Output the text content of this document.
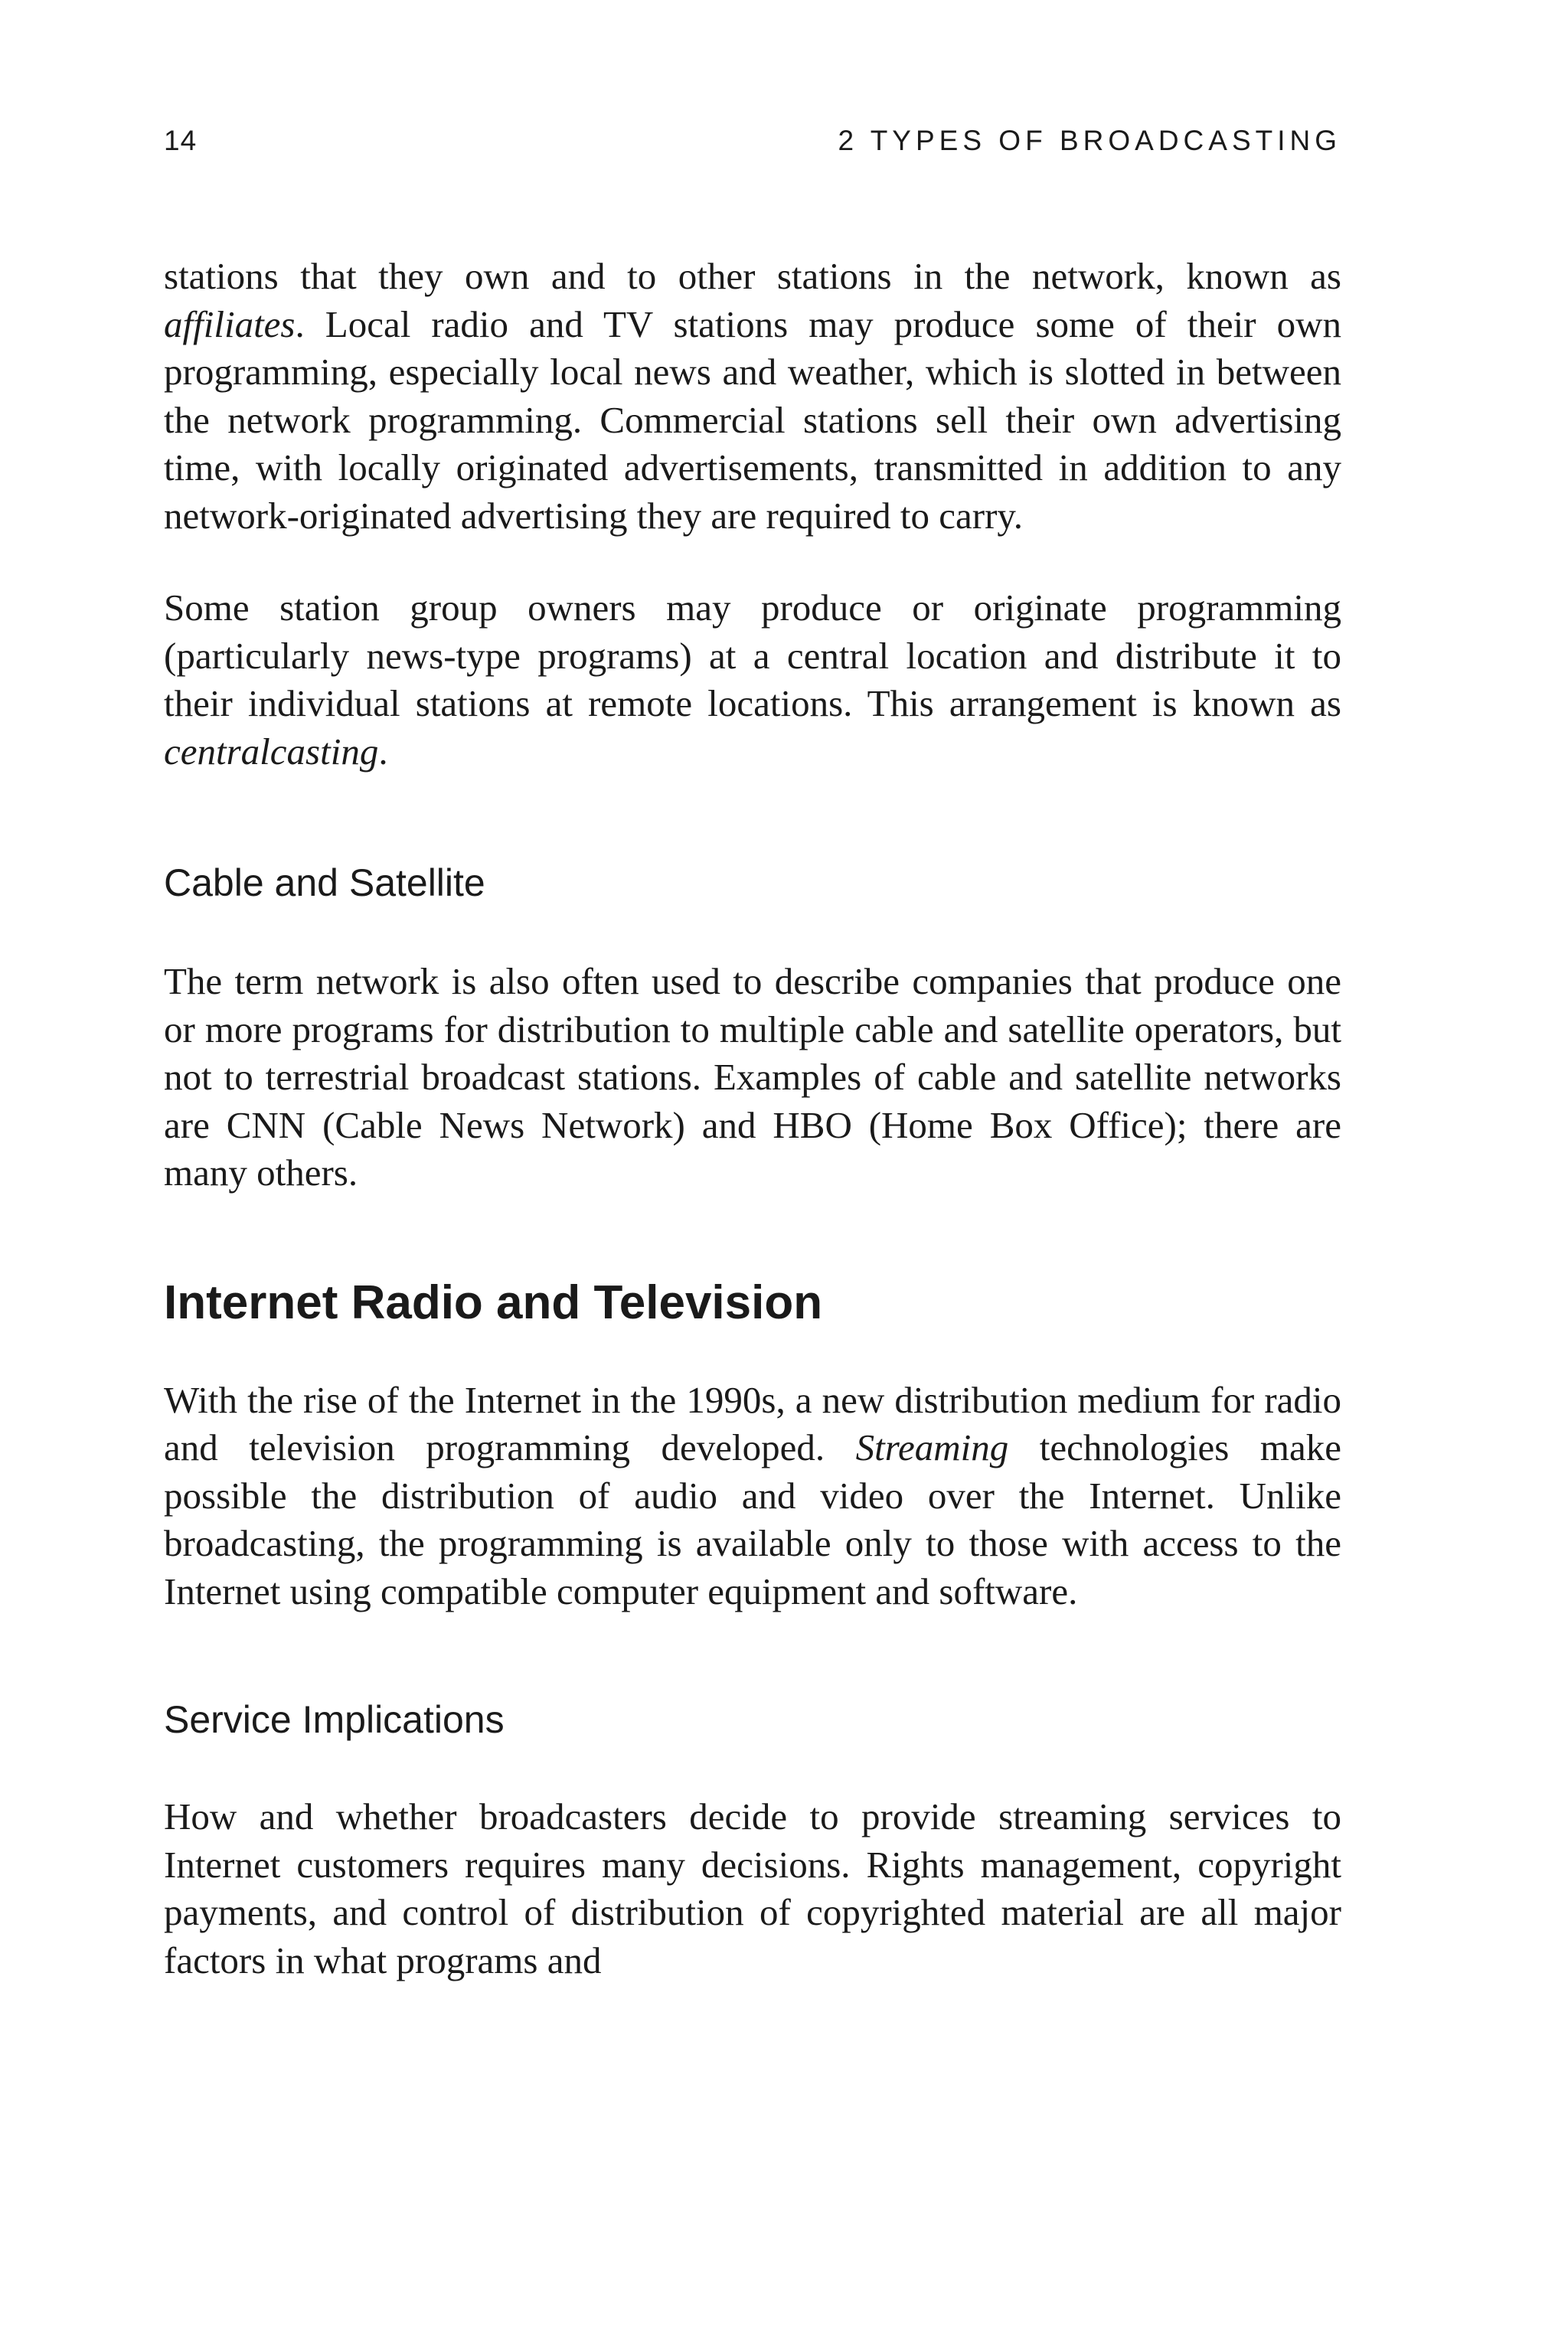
14	2 TYPES OF BROADCASTING

stations that they own and to other stations in the network, known as affiliates. Local radio and TV stations may produce some of their own programming, especially local news and weather, which is slotted in between the network programming. Commercial stations sell their own advertising time, with locally originated advertisements, transmitted in addition to any network-originated advertising they are required to carry.

Some station group owners may produce or originate programming (particularly news-type programs) at a central location and distribute it to their individual stations at remote locations. This arrangement is known as centralcasting.

Cable and Satellite

The term network is also often used to describe companies that produce one or more programs for distribution to multiple cable and satellite operators, but not to terrestrial broadcast stations. Examples of cable and satellite networks are CNN (Cable News Network) and HBO (Home Box Office); there are many others.

Internet Radio and Television

With the rise of the Internet in the 1990s, a new distribution medium for radio and television programming developed. Streaming technologies make possible the distribution of audio and video over the Internet. Unlike broadcasting, the programming is available only to those with access to the Internet using compatible computer equipment and software.

Service Implications

How and whether broadcasters decide to provide streaming services to Internet customers requires many decisions. Rights management, copyright payments, and control of distribution of copyrighted material are all major factors in what programs and
